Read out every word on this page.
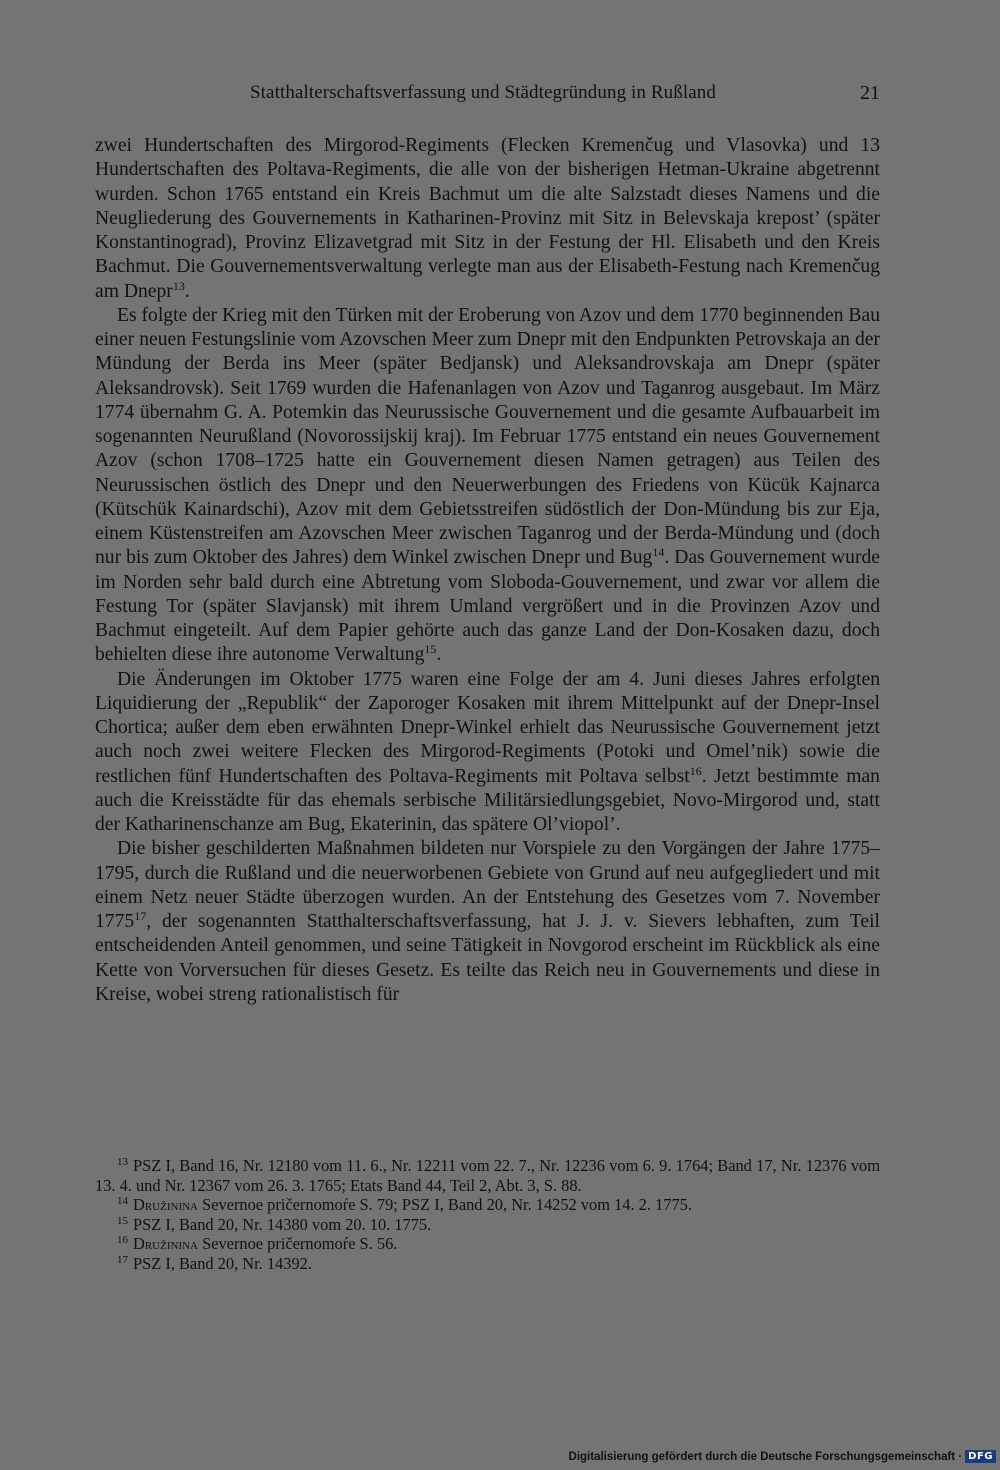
Statthalterschaftsverfassung und Städtegründung in Rußland	21

zwei Hundertschaften des Mirgorod-Regiments (Flecken Kremenčug und Vlasovka) und 13 Hundertschaften des Poltava-Regiments, die alle von der bisherigen Hetman-Ukraine abgetrennt wurden. Schon 1765 entstand ein Kreis Bachmut um die alte Salzstadt dieses Namens und die Neugliederung des Gouvernements in Katharinen-Provinz mit Sitz in Belevskaja krepost’ (später Konstantinograd), Provinz Elizavetgrad mit Sitz in der Festung der Hl. Elisabeth und den Kreis Bachmut. Die Gouvernementsverwaltung verlegte man aus der Elisabeth-Festung nach Kremenčug am Dnepr$^{13}$.

Es folgte der Krieg mit den Türken mit der Eroberung von Azov und dem 1770 beginnenden Bau einer neuen Festungslinie vom Azovschen Meer zum Dnepr mit den Endpunkten Petrovskaja an der Mündung der Berda ins Meer (später Bedjansk) und Aleksandrovskaja am Dnepr (später Aleksandrovsk). Seit 1769 wurden die Hafenanlagen von Azov und Taganrog ausgebaut. Im März 1774 übernahm G. A. Potemkin das Neurussische Gouvernement und die gesamte Aufbauarbeit im sogenannten Neurußland (Novorossijskij kraj). Im Februar 1775 entstand ein neues Gouvernement Azov (schon 1708–1725 hatte ein Gouvernement diesen Namen getragen) aus Teilen des Neurussischen östlich des Dnepr und den Neuerwerbungen des Friedens von Kücük Kajnarca (Kütschük Kainardschi), Azov mit dem Gebietsstreifen südöstlich der Don-Mündung bis zur Eja, einem Küstenstreifen am Azovschen Meer zwischen Taganrog und der Berda-Mündung und (doch nur bis zum Oktober des Jahres) dem Winkel zwischen Dnepr und Bug$^{14}$. Das Gouvernement wurde im Norden sehr bald durch eine Abtretung vom Sloboda-Gouvernement, und zwar vor allem die Festung Tor (später Slavjansk) mit ihrem Umland vergrößert und in die Provinzen Azov und Bachmut eingeteilt. Auf dem Papier gehörte auch das ganze Land der Don-Kosaken dazu, doch behielten diese ihre autonome Verwaltung$^{15}$.

Die Änderungen im Oktober 1775 waren eine Folge der am 4. Juni dieses Jahres erfolgten Liquidierung der „Republik“ der Zaporoger Kosaken mit ihrem Mittelpunkt auf der Dnepr-Insel Chortica; außer dem eben erwähnten Dnepr-Winkel erhielt das Neurussische Gouvernement jetzt auch noch zwei weitere Flecken des Mirgorod-Regiments (Potoki und Omel’nik) sowie die restlichen fünf Hundertschaften des Poltava-Regiments mit Poltava selbst$^{16}$. Jetzt bestimmte man auch die Kreisstädte für das ehemals serbische Militärsiedlungsgebiet, Novo-Mirgorod und, statt der Katharinenschanze am Bug, Ekaterinin, das spätere Ol’viopol’.

Die bisher geschilderten Maßnahmen bildeten nur Vorspiele zu den Vorgängen der Jahre 1775–1795, durch die Rußland und die neuerworbenen Gebiete von Grund auf neu aufgegliedert und mit einem Netz neuer Städte überzogen wurden. An der Entstehung des Gesetzes vom 7. November 1775$^{17}$, der sogenannten Statthalterschaftsverfassung, hat J. J. v. Sievers lebhaften, zum Teil entscheidenden Anteil genommen, und seine Tätigkeit in Novgorod erscheint im Rückblick als eine Kette von Vorversuchen für dieses Gesetz. Es teilte das Reich neu in Gouvernements und diese in Kreise, wobei streng rationalistisch für

$^{13}$ PSZ I, Band 16, Nr. 12180 vom 11. 6., Nr. 12211 vom 22. 7., Nr. 12236 vom 6. 9. 1764; Band 17, Nr. 12376 vom 13. 4. und Nr. 12367 vom 26. 3. 1765; Etats Band 44, Teil 2, Abt. 3, S. 88.

$^{14}$ Družinina Severnoe pričernomoŕe S. 79; PSZ I, Band 20, Nr. 14252 vom 14. 2. 1775.

$^{15}$ PSZ I, Band 20, Nr. 14380 vom 20. 10. 1775.

$^{16}$ Družinina Severnoe pričernomoŕe S. 56.

$^{17}$ PSZ I, Band 20, Nr. 14392.

Digitalisierung gefördert durch die Deutsche Forschungsgemeinschaft · DFG
